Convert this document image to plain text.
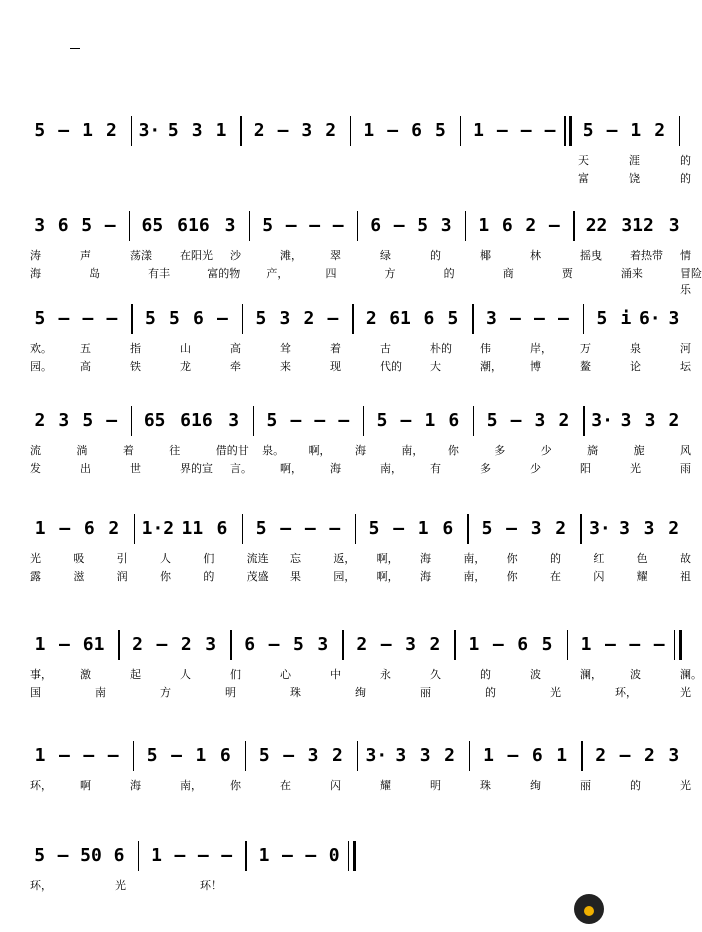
5 – 1 2 3· 5 3 1 2 – 3 2 1 – 6 5 1 – – – 5 – 1 2
天	涯	的
富	饶	的
3 6 5 – 65 616 3 5 – – – 6 – 5 3 1 6 2 – 22 312 3
涛	声	荡漾	在阳光 沙	滩，	翠	绿	的	椰	林	摇曳	着热带 情
海	岛	有丰	富的物 产，	四	方	的	商	贾	涌来	冒险乐
5 – – – 5 5 6 – 5 3 2 – 2 61 6 5 3 – – – 5 i 6· 3
欢。	五	指	山	高	耸	着	古	朴的	伟	岸，	万	泉	河
园。	高	铁	龙	牵	来	现	代的	大	潮，	博	鳌	论	坛
2 3 5 – 65 616 3 5 – – – 5 – 1 6 5 – 3 2 3· 3 3 2
流	淌	着	往	借的甘 泉。 啊， 海	南， 你	多	少	旖	旎	风
发	出	世	界的宣 言。	啊，	海	南，	有	多	少	阳	光	雨
1 – 6 2 1·2 11 6 5 – – – 5 – 1 6 5 – 3 2 3· 3 3 2
光	吸	引	人	们	流连 忘	返， 啊， 海	南， 你	的	红	色	故
露	滋	润	你	的	茂盛 果	园， 啊， 海	南， 你	在	闪	耀	祖
1 – 61 2 – 2 3 6 – 5 3 2 – 3 2 1 – 6 5 1 – – –
事，	激	起	人	们	心	中	永	久	的	波	澜，	波	澜。
国	南	方	明	珠	绚	丽	的	光	环，	光
1 – – – 5 – 1 6 5 – 3 2 3· 3 3 2 1 – 6 1 2 – 2 3
环，	啊	海	南，	你	在	闪	耀	明	珠	绚	丽	的	光
5 – 50 6 1 – – – 1 – – 0
环，	光	环！
